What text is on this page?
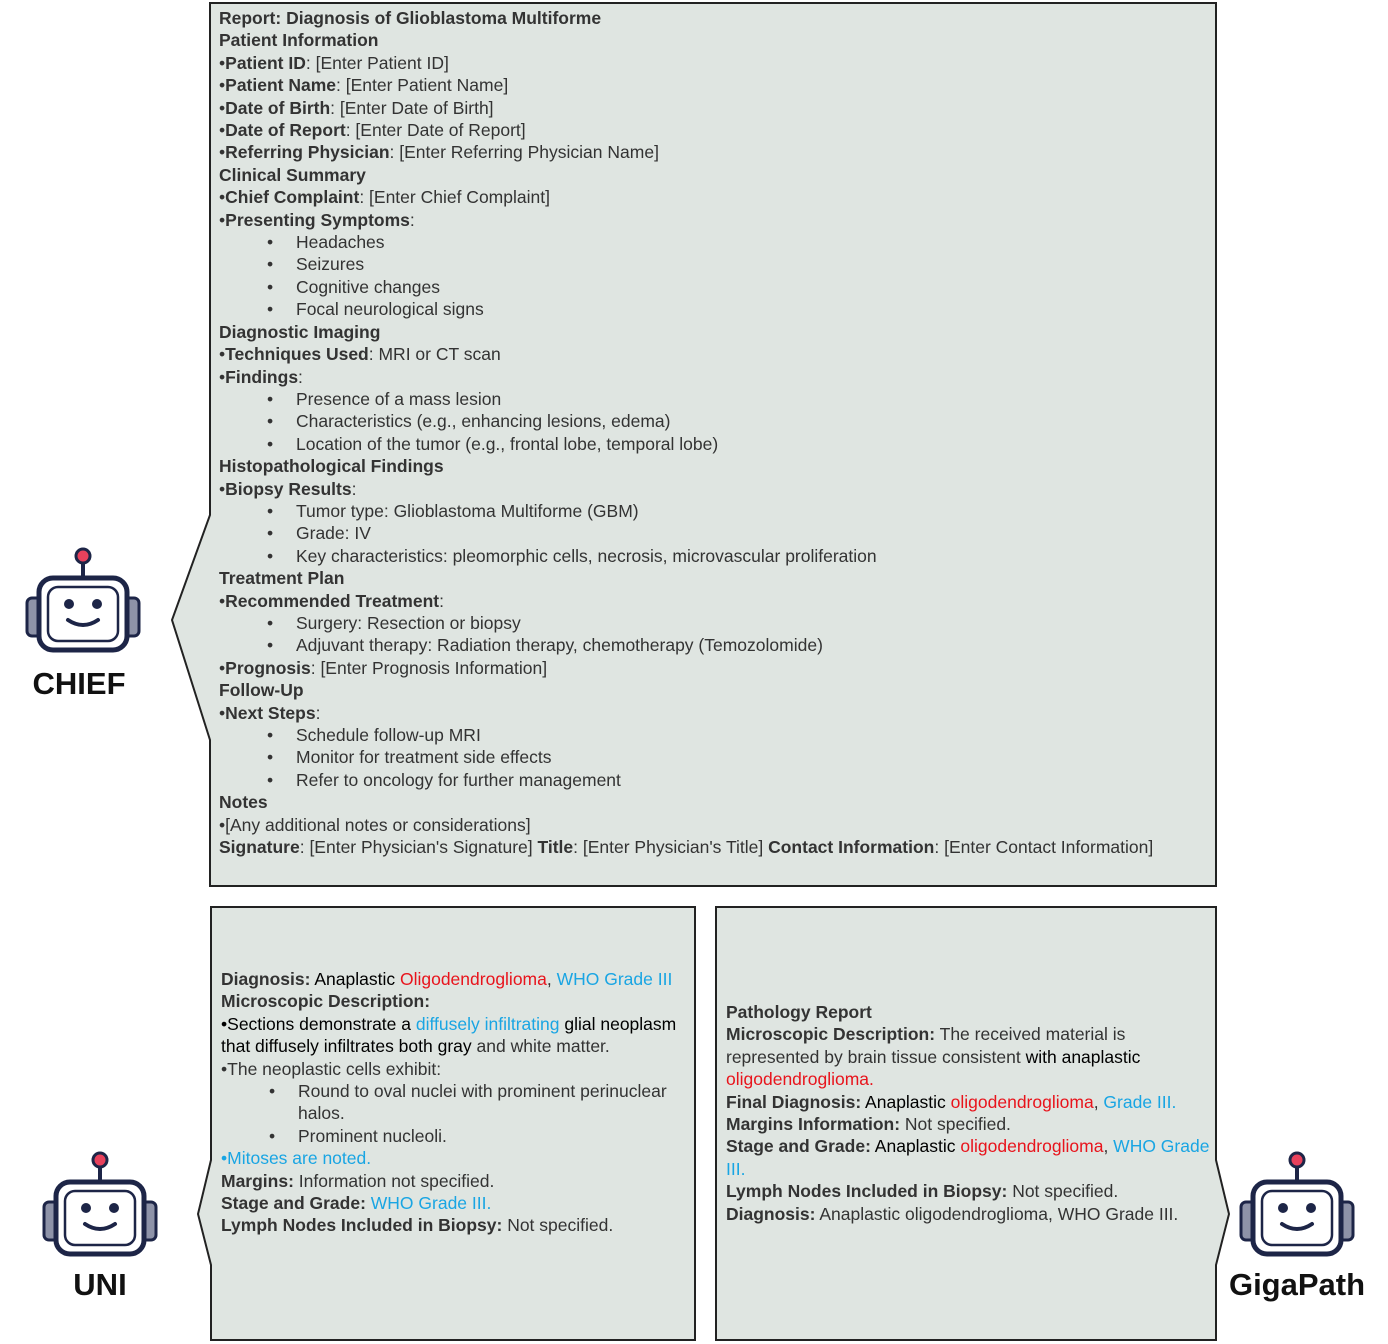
CHIEF
UNI	GigaPath
Report: Diagnosis of Glioblastoma Multiforme
Patient Information
•Patient ID: [Enter Patient ID]
•Patient Name: [Enter Patient Name]
•Date of Birth: [Enter Date of Birth]
•Date of Report: [Enter Date of Report]
•Referring Physician: [Enter Referring Physician Name]
Clinical Summary
•Chief Complaint: [Enter Chief Complaint]
•Presenting Symptoms:
• Headaches
• Seizures
• Cognitive changes
• Focal neurological signs
Diagnostic Imaging
•Techniques Used: MRI or CT scan
•Findings:
• Presence of a mass lesion
• Characteristics (e.g., enhancing lesions, edema)
• Location of the tumor (e.g., frontal lobe, temporal lobe)
Histopathological Findings
•Biopsy Results:
• Tumor type: Glioblastoma Multiforme (GBM)
• Grade: IV
• Key characteristics: pleomorphic cells, necrosis, microvascular proliferation
Treatment Plan
•Recommended Treatment:
• Surgery: Resection or biopsy
• Adjuvant therapy: Radiation therapy, chemotherapy (Temozolomide)
•Prognosis: [Enter Prognosis Information]
Follow-Up
•Next Steps:
• Schedule follow-up MRI
• Monitor for treatment side effects
• Refer to oncology for further management
Notes
•[Any additional notes or considerations]
Signature: [Enter Physician's Signature] Title: [Enter Physician's Title] Contact Information: [Enter Contact Information]
Diagnosis: Anaplastic Oligodendroglioma, WHO Grade III
Microscopic Description:
•Sections demonstrate a diffusely infiltrating glial neoplasm that diffusely infiltrates both gray and white matter.
•The neoplastic cells exhibit:
• Round to oval nuclei with prominent perinuclear halos.
• Prominent nucleoli.
•Mitoses are noted.
Margins: Information not specified.
Stage and Grade: WHO Grade III.
Lymph Nodes Included in Biopsy: Not specified.
Pathology Report
Microscopic Description: The received material is represented by brain tissue consistent with anaplastic oligodendroglioma.
Final Diagnosis: Anaplastic oligodendroglioma, Grade III.
Margins Information: Not specified.
Stage and Grade: Anaplastic oligodendroglioma, WHO Grade III.
Lymph Nodes Included in Biopsy: Not specified.
Diagnosis: Anaplastic oligodendroglioma, WHO Grade III.
